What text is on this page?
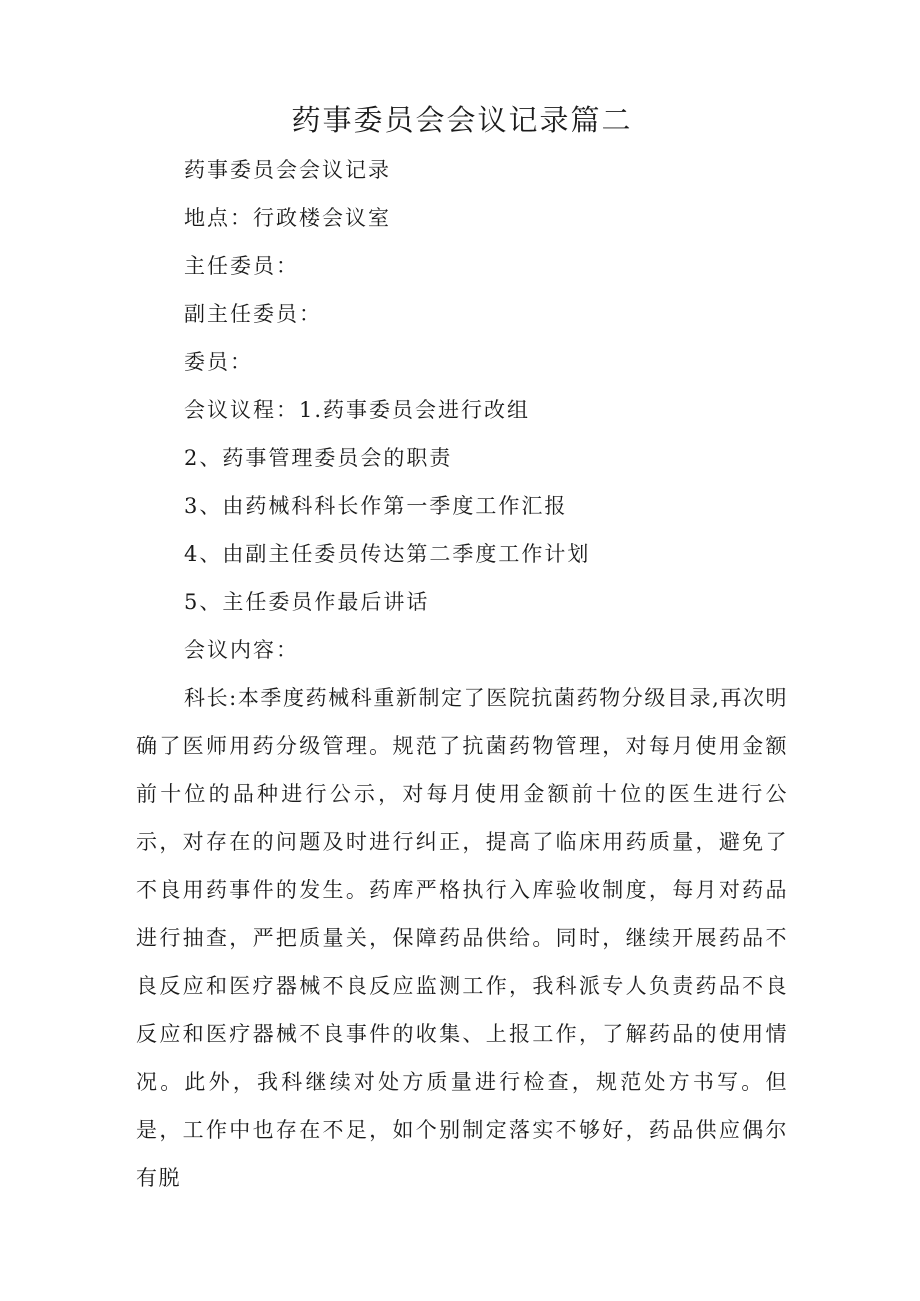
药事委员会会议记录篇二
药事委员会会议记录
地点：行政楼会议室
主任委员：
副主任委员：
委员：
会议议程：1.药事委员会进行改组
2、药事管理委员会的职责
3、由药械科科长作第一季度工作汇报
4、由副主任委员传达第二季度工作计划
5、主任委员作最后讲话
会议内容：

科长:本季度药械科重新制定了医院抗菌药物分级目录,再次明确了医师用药分级管理。规范了抗菌药物管理，对每月使用金额前十位的品种进行公示，对每月使用金额前十位的医生进行公示，对存在的问题及时进行纠正，提高了临床用药质量，避免了不良用药事件的发生。药库严格执行入库验收制度，每月对药品进行抽查，严把质量关，保障药品供给。同时，继续开展药品不良反应和医疗器械不良反应监测工作，我科派专人负责药品不良反应和医疗器械不良事件的收集、上报工作，了解药品的使用情况。此外，我科继续对处方质量进行检查，规范处方书写。但是，工作中也存在不足，如个别制定落实不够好，药品供应偶尔有脱
